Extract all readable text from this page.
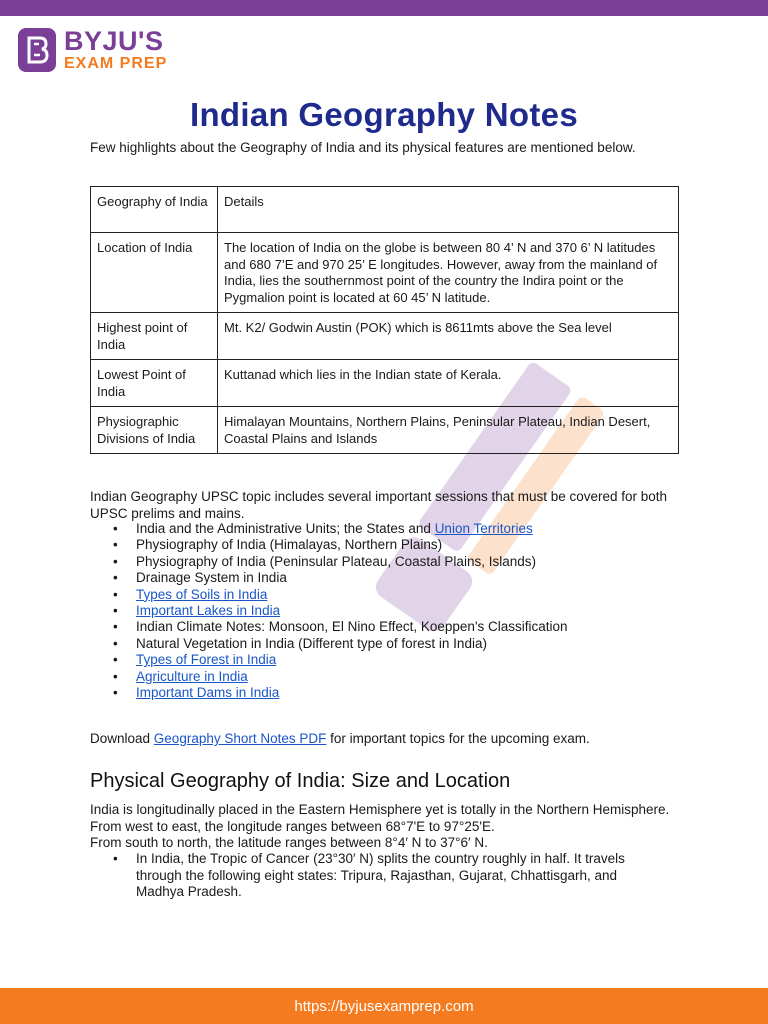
BYJU'S
EXAM PREP
Indian Geography Notes
Few highlights about the Geography of India and its physical features are mentioned below.
Geography of India	Details
Location of India	The location of India on the globe is between 80 4’ N and 370 6’ N latitudes and 680 7’E and 970 25’ E longitudes. However, away from the mainland of India, lies the southernmost point of the country the Indira point or the Pygmalion point is located at 60 45’ N latitude.
Highest point of India	Mt. K2/ Godwin Austin (POK) which is 8611mts above the Sea level
Lowest Point of India	Kuttanad which lies in the Indian state of Kerala.
Physiographic Divisions of India	Himalayan Mountains, Northern Plains, Peninsular Plateau, Indian Desert, Coastal Plains and Islands
Indian Geography UPSC topic includes several important sessions that must be covered for both UPSC prelims and mains.
• India and the Administrative Units; the States and Union Territories
• Physiography of India (Himalayas, Northern Plains)
• Physiography of India (Peninsular Plateau, Coastal Plains, Islands)
• Drainage System in India
• Types of Soils in India
• Important Lakes in India
• Indian Climate Notes: Monsoon, El Nino Effect, Koeppen's Classification
• Natural Vegetation in India (Different type of forest in India)
• Types of Forest in India
• Agriculture in India
• Important Dams in India
Download Geography Short Notes PDF for important topics for the upcoming exam.
Physical Geography of India: Size and Location
India is longitudinally placed in the Eastern Hemisphere yet is totally in the Northern Hemisphere. From west to east, the longitude ranges between 68°7'E to 97°25'E.
From south to north, the latitude ranges between 8°4′ N to 37°6′ N.
• In India, the Tropic of Cancer (23°30′ N) splits the country roughly in half. It travels through the following eight states: Tripura, Rajasthan, Gujarat, Chhattisgarh, and Madhya Pradesh.
https://byjusexamprep.com
